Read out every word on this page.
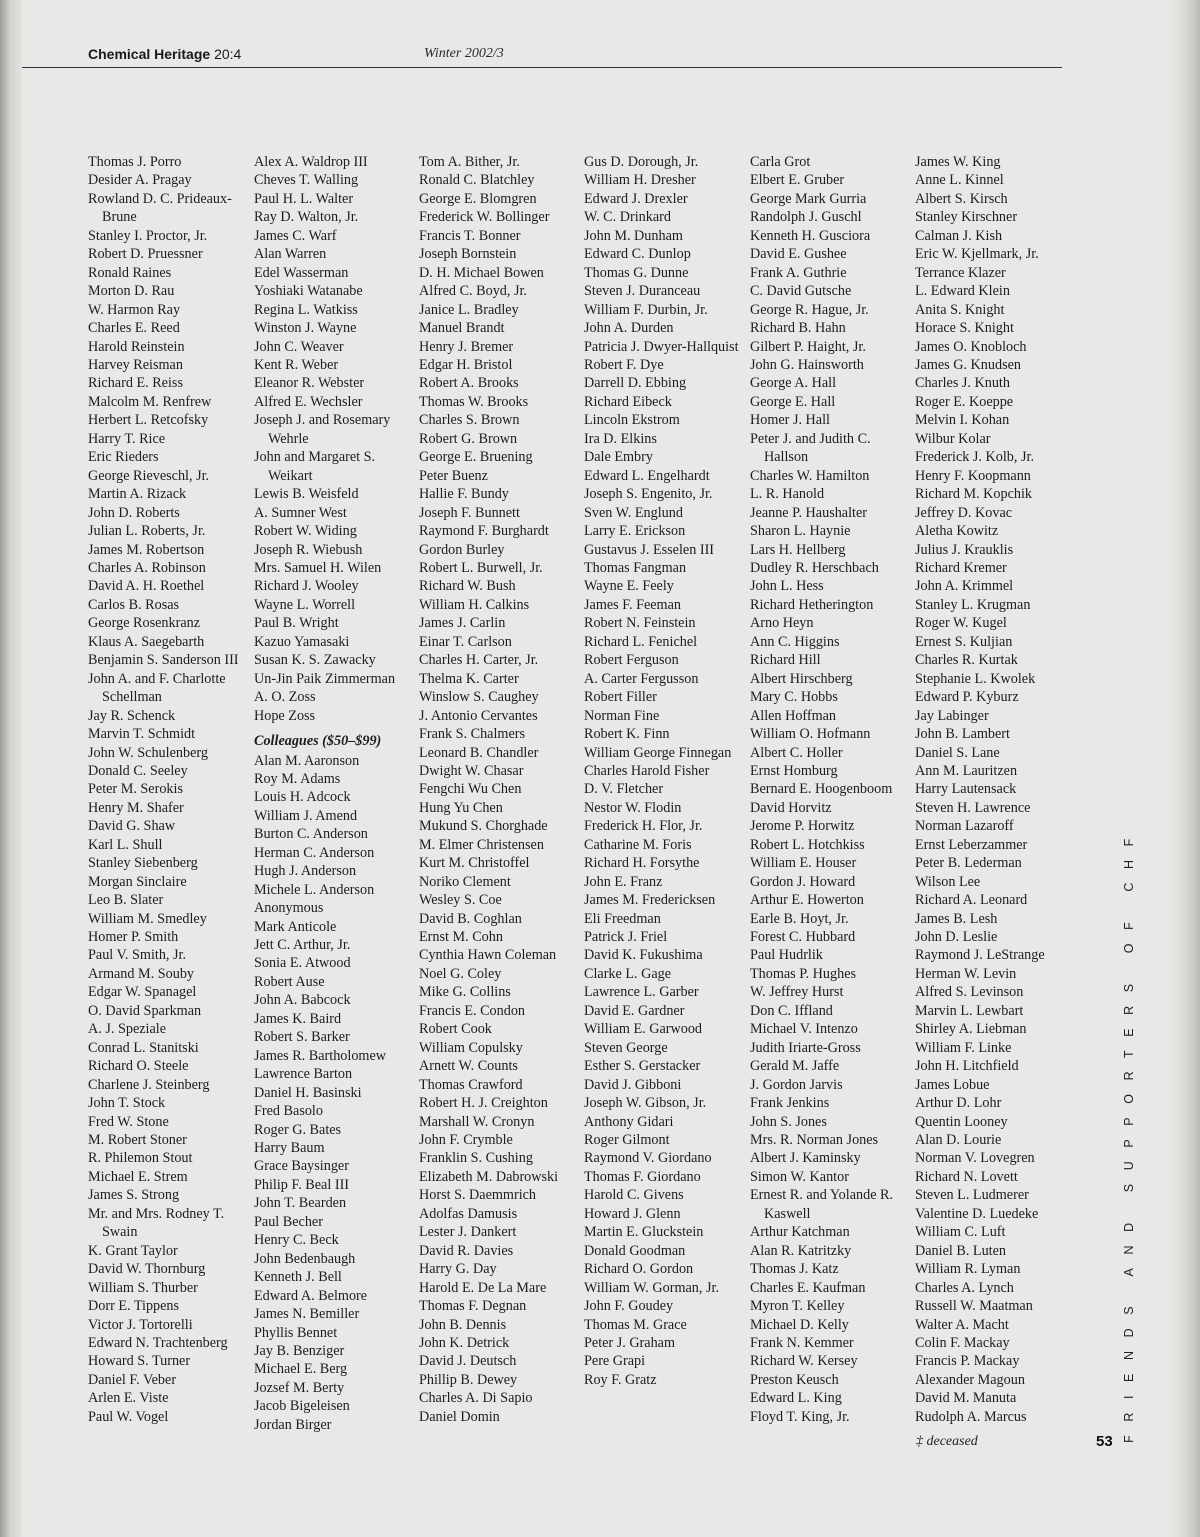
Chemical Heritage 20:4	Winter 2002/3
Thomas J. Porro
Desider A. Pragay
Rowland D. C. Prideaux-Brune
Stanley I. Proctor, Jr.
Robert D. Pruessner
Ronald Raines
Morton D. Rau
W. Harmon Ray
Charles E. Reed
Harold Reinstein
Harvey Reisman
Richard E. Reiss
Malcolm M. Renfrew
Herbert L. Retcofsky
Harry T. Rice
Eric Rieders
George Rieveschl, Jr.
Martin A. Rizack
John D. Roberts
Julian L. Roberts, Jr.
James M. Robertson
Charles A. Robinson
David A. H. Roethel
Carlos B. Rosas
George Rosenkranz
Klaus A. Saegebarth
Benjamin S. Sanderson III
John A. and F. Charlotte Schellman
Jay R. Schenck
Marvin T. Schmidt
John W. Schulenberg
Donald C. Seeley
Peter M. Serokis
Henry M. Shafer
David G. Shaw
Karl L. Shull
Stanley Siebenberg
Morgan Sinclaire
Leo B. Slater
William M. Smedley
Homer P. Smith
Paul V. Smith, Jr.
Armand M. Souby
Edgar W. Spanagel
O. David Sparkman
A. J. Speziale
Conrad L. Stanitski
Richard O. Steele
Charlene J. Steinberg
John T. Stock
Fred W. Stone
M. Robert Stoner
R. Philemon Stout
Michael E. Strem
James S. Strong
Mr. and Mrs. Rodney T. Swain
K. Grant Taylor
David W. Thornburg
William S. Thurber
Dorr E. Tippens
Victor J. Tortorelli
Edward N. Trachtenberg
Howard S. Turner
Daniel F. Veber
Arlen E. Viste
Paul W. Vogel
Alex A. Waldrop III
Cheves T. Walling
Paul H. L. Walter
Ray D. Walton, Jr.
James C. Warf
Alan Warren
Edel Wasserman
Yoshiaki Watanabe
Regina L. Watkiss
Winston J. Wayne
John C. Weaver
Kent R. Weber
Eleanor R. Webster
Alfred E. Wechsler
Joseph J. and Rosemary Wehrle
John and Margaret S. Weikart
Lewis B. Weisfeld
A. Sumner West
Robert W. Widing
Joseph R. Wiebush
Mrs. Samuel H. Wilen
Richard J. Wooley
Wayne L. Worrell
Paul B. Wright
Kazuo Yamasaki
Susan K. S. Zawacky
Un-Jin Paik Zimmerman
A. O. Zoss
Hope Zoss
Colleagues ($50–$99)
Alan M. Aaronson
Roy M. Adams
Louis H. Adcock
William J. Amend
Burton C. Anderson
Herman C. Anderson
Hugh J. Anderson
Michele L. Anderson
Anonymous
Mark Anticole
Jett C. Arthur, Jr.
Sonia E. Atwood
Robert Ause
John A. Babcock
James K. Baird
Robert S. Barker
James R. Bartholomew
Lawrence Barton
Daniel H. Basinski
Fred Basolo
Roger G. Bates
Harry Baum
Grace Baysinger
Philip F. Beal III
John T. Bearden
Paul Becher
Henry C. Beck
John Bedenbaugh
Kenneth J. Bell
Edward A. Belmore
James N. Bemiller
Phyllis Bennet
Jay B. Benziger
Michael E. Berg
Jozsef M. Berty
Jacob Bigeleisen
Jordan Birger
Tom A. Bither, Jr.
Ronald C. Blatchley
George E. Blomgren
Frederick W. Bollinger
Francis T. Bonner
Joseph Bornstein
D. H. Michael Bowen
Alfred C. Boyd, Jr.
Janice L. Bradley
Manuel Brandt
Henry J. Bremer
Edgar H. Bristol
Robert A. Brooks
Thomas W. Brooks
Charles S. Brown
Robert G. Brown
George E. Bruening
Peter Buenz
Hallie F. Bundy
Joseph F. Bunnett
Raymond F. Burghardt
Gordon Burley
Robert L. Burwell, Jr.
Richard W. Bush
William H. Calkins
James J. Carlin
Einar T. Carlson
Charles H. Carter, Jr.
Thelma K. Carter
Winslow S. Caughey
J. Antonio Cervantes
Frank S. Chalmers
Leonard B. Chandler
Dwight W. Chasar
Fengchi Wu Chen
Hung Yu Chen
Mukund S. Chorghade
M. Elmer Christensen
Kurt M. Christoffel
Noriko Clement
Wesley S. Coe
David B. Coghlan
Ernst M. Cohn
Cynthia Hawn Coleman
Noel G. Coley
Mike G. Collins
Francis E. Condon
Robert Cook
William Copulsky
Arnett W. Counts
Thomas Crawford
Robert H. J. Creighton
Marshall W. Cronyn
John F. Crymble
Franklin S. Cushing
Elizabeth M. Dabrowski
Horst S. Daemmrich
Adolfas Damusis
Lester J. Dankert
David R. Davies
Harry G. Day
Harold E. De La Mare
Thomas F. Degnan
John B. Dennis
John K. Detrick
David J. Deutsch
Phillip B. Dewey
Charles A. Di Sapio
Daniel Domin
Gus D. Dorough, Jr.
William H. Dresher
Edward J. Drexler
W. C. Drinkard
John M. Dunham
Edward C. Dunlop
Thomas G. Dunne
Steven J. Duranceau
William F. Durbin, Jr.
John A. Durden
Patricia J. Dwyer-Hallquist
Robert F. Dye
Darrell D. Ebbing
Richard Eibeck
Lincoln Ekstrom
Ira D. Elkins
Dale Embry
Edward L. Engelhardt
Joseph S. Engenito, Jr.
Sven W. Englund
Larry E. Erickson
Gustavus J. Esselen III
Thomas Fangman
Wayne E. Feely
James F. Feeman
Robert N. Feinstein
Richard L. Fenichel
Robert Ferguson
A. Carter Fergusson
Robert Filler
Norman Fine
Robert K. Finn
William George Finnegan
Charles Harold Fisher
D. V. Fletcher
Nestor W. Flodin
Frederick H. Flor, Jr.
Catharine M. Foris
Richard H. Forsythe
John E. Franz
James M. Fredericksen
Eli Freedman
Patrick J. Friel
David K. Fukushima
Clarke L. Gage
Lawrence L. Garber
David E. Gardner
William E. Garwood
Steven George
Esther S. Gerstacker
David J. Gibboni
Joseph W. Gibson, Jr.
Anthony Gidari
Roger Gilmont
Raymond V. Giordano
Thomas F. Giordano
Harold C. Givens
Howard J. Glenn
Martin E. Gluckstein
Donald Goodman
Richard O. Gordon
William W. Gorman, Jr.
John F. Goudey
Thomas M. Grace
Peter J. Graham
Pere Grapi
Roy F. Gratz
Carla Grot
Elbert E. Gruber
George Mark Gurria
Randolph J. Guschl
Kenneth H. Gusciora
David E. Gushee
Frank A. Guthrie
C. David Gutsche
George R. Hague, Jr.
Richard B. Hahn
Gilbert P. Haight, Jr.
John G. Hainsworth
George A. Hall
George E. Hall
Homer J. Hall
Peter J. and Judith C. Hallson
Charles W. Hamilton
L. R. Hanold
Jeanne P. Haushalter
Sharon L. Haynie
Lars H. Hellberg
Dudley R. Herschbach
John L. Hess
Richard Hetherington
Arno Heyn
Ann C. Higgins
Richard Hill
Albert Hirschberg
Mary C. Hobbs
Allen Hoffman
William O. Hofmann
Albert C. Holler
Ernst Homburg
Bernard E. Hoogenboom
David Horvitz
Jerome P. Horwitz
Robert L. Hotchkiss
William E. Houser
Gordon J. Howard
Arthur E. Howerton
Earle B. Hoyt, Jr.
Forest C. Hubbard
Paul Hudrlik
Thomas P. Hughes
W. Jeffrey Hurst
Don C. Iffland
Michael V. Intenzo
Judith Iriarte-Gross
Gerald M. Jaffe
J. Gordon Jarvis
Frank Jenkins
John S. Jones
Mrs. R. Norman Jones
Albert J. Kaminsky
Simon W. Kantor
Ernest R. and Yolande R. Kaswell
Arthur Katchman
Alan R. Katritzky
Thomas J. Katz
Charles E. Kaufman
Myron T. Kelley
Michael D. Kelly
Frank N. Kemmer
Richard W. Kersey
Preston Keusch
Edward L. King
Floyd T. King, Jr.
James W. King
Anne L. Kinnel
Albert S. Kirsch
Stanley Kirschner
Calman J. Kish
Eric W. Kjellmark, Jr.
Terrance Klazer
L. Edward Klein
Anita S. Knight
Horace S. Knight
James O. Knobloch
James G. Knudsen
Charles J. Knuth
Roger E. Koeppe
Melvin I. Kohan
Wilbur Kolar
Frederick J. Kolb, Jr.
Henry F. Koopmann
Richard M. Kopchik
Jeffrey D. Kovac
Aletha Kowitz
Julius J. Krauklis
Richard Kremer
John A. Krimmel
Stanley L. Krugman
Roger W. Kugel
Ernest S. Kuljian
Charles R. Kurtak
Stephanie L. Kwolek
Edward P. Kyburz
Jay Labinger
John B. Lambert
Daniel S. Lane
Ann M. Lauritzen
Harry Lautensack
Steven H. Lawrence
Norman Lazaroff
Ernst Leberzammer
Peter B. Lederman
Wilson Lee
Richard A. Leonard
James B. Lesh
John D. Leslie
Raymond J. LeStrange
Herman W. Levin
Alfred S. Levinson
Marvin L. Lewbart
Shirley A. Liebman
William F. Linke
John H. Litchfield
James Lobue
Arthur D. Lohr
Quentin Looney
Alan D. Lourie
Norman V. Lovegren
Richard N. Lovett
Steven L. Ludmerer
Valentine D. Luedeke
William C. Luft
Daniel B. Luten
William R. Lyman
Charles A. Lynch
Russell W. Maatman
Walter A. Macht
Colin F. Mackay
Francis P. Mackay
Alexander Magoun
David M. Manuta
Rudolph A. Marcus	FRIENDS AND SUPPORTERS OF CHF
‡ deceased	53
